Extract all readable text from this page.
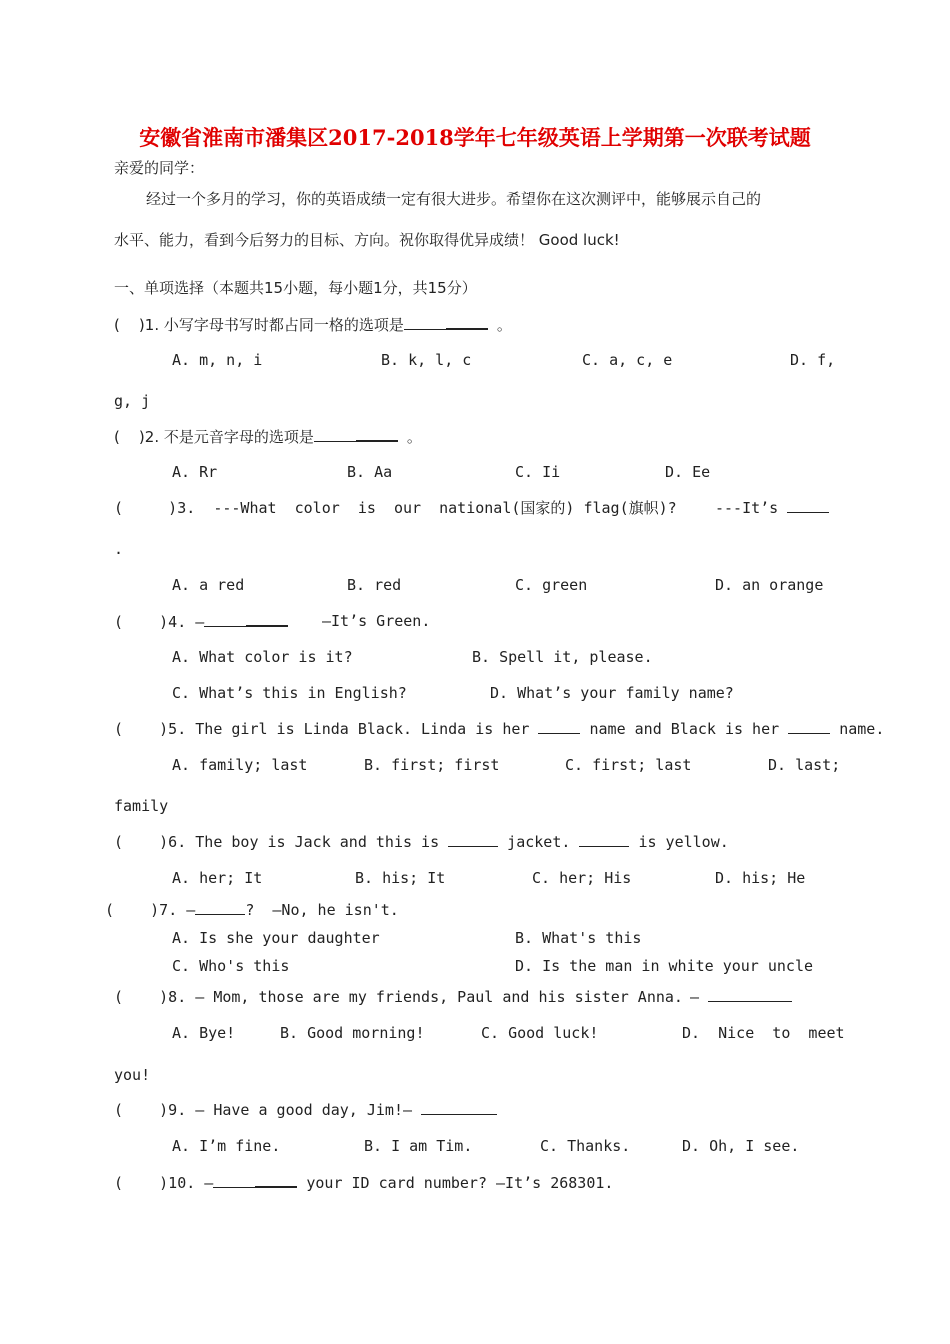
安徽省淮南市潘集区2017-2018学年七年级英语上学期第一次联考试题
亲爱的同学：
经过一个多月的学习，你的英语成绩一定有很大进步。希望你在这次测评中，能够展示自己的
水平、能力，看到今后努力的目标、方向。祝你取得优异成绩！ Good luck!
一、单项选择（本题共15小题，每小题1分，共15分）
(    )1. 小写字母书写时都占同一格的选项是	。
A. m, n, i	B. k, l, c	C. a, c, e	D. f,
g, j
(    )2. 不是元音字母的选项是	。
A. Rr	B. Aa	C. Ii	D. Ee
(     )3.  ---What  color  is  our  national(国家的) flag(旗帜)?	---It’s
.
A. a red	B. red	C. green	D. an orange
(    )4. —	—It’s Green.
A. What color is it?	B. Spell it, please.
C. What’s this in English?	D. What’s your family name?
(    )5. The girl is Linda Black. Linda is her	name and Black is her	name.
A. family; last	B. first; first	C. first; last	D. last;
family
(    )6. The boy is Jack and this is	jacket.	is yellow.
A. her; It	B. his; It	C. her; His	D. his; He
(    )7. —	?  —No, he isn't.
A. Is she your daughter	B. What's this
C. Who's this	D. Is the man in white your uncle
(    )8. — Mom, those are my friends, Paul and his sister Anna. —
A. Bye!	B. Good morning!	C. Good luck!	D.  Nice  to  meet
you!
(    )9. — Have a good day, Jim!—
A. I’m fine.	B. I am Tim.	C. Thanks.	D. Oh, I see.
(    )10. —	your ID card number? —It’s 268301.
